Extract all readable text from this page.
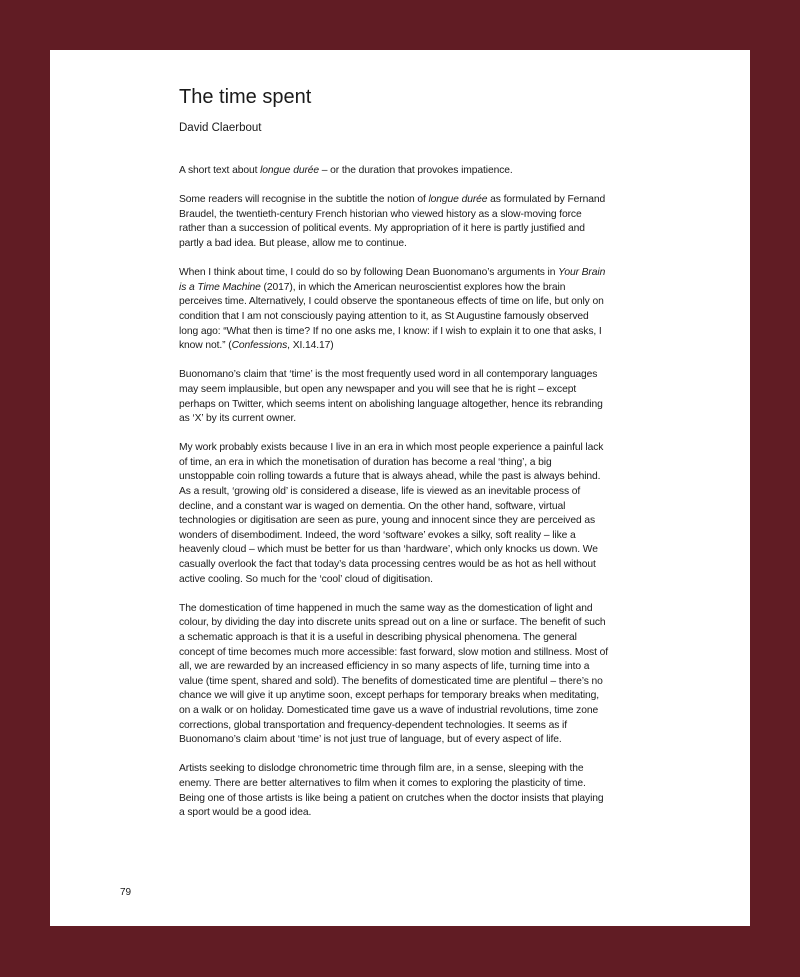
The time spent

David Claerbout

A short text about longue durée – or the duration that provokes impatience.

Some readers will recognise in the subtitle the notion of longue durée as formulated by Fernand Braudel, the twentieth-century French historian who viewed history as a slow-moving force rather than a succession of political events. My appropriation of it here is partly justified and partly a bad idea. But please, allow me to continue.

When I think about time, I could do so by following Dean Buonomano’s arguments in Your Brain is a Time Machine (2017), in which the American neuroscientist explores how the brain perceives time. Alternatively, I could observe the spontaneous effects of time on life, but only on condition that I am not consciously paying attention to it, as St Augustine famously observed long ago: “What then is time? If no one asks me, I know: if I wish to explain it to one that asks, I know not.” (Confessions, XI.14.17)

Buonomano’s claim that ‘time’ is the most frequently used word in all contemporary languages may seem implausible, but open any newspaper and you will see that he is right – except perhaps on Twitter, which seems intent on abolishing language altogether, hence its rebranding as ‘X’ by its current owner.

My work probably exists because I live in an era in which most people experience a painful lack of time, an era in which the monetisation of duration has become a real ‘thing’, a big unstoppable coin rolling towards a future that is always ahead, while the past is always behind. As a result, ‘growing old’ is considered a disease, life is viewed as an inevitable process of decline, and a constant war is waged on dementia. On the other hand, software, virtual technologies or digitisation are seen as pure, young and innocent since they are perceived as wonders of disembodiment. Indeed, the word ‘software’ evokes a silky, soft reality – like a heavenly cloud – which must be better for us than ‘hardware’, which only knocks us down. We casually overlook the fact that today’s data processing centres would be as hot as hell without active cooling. So much for the ‘cool’ cloud of digitisation.

The domestication of time happened in much the same way as the domestication of light and colour, by dividing the day into discrete units spread out on a line or surface. The benefit of such a schematic approach is that it is a useful in describing physical phenomena. The general concept of time becomes much more accessible: fast forward, slow motion and stillness. Most of all, we are rewarded by an increased efficiency in so many aspects of life, turning time into a value (time spent, shared and sold). The benefits of domesticated time are plentiful – there’s no chance we will give it up anytime soon, except perhaps for temporary breaks when meditating, on a walk or on holiday. Domesticated time gave us a wave of industrial revolutions, time zone corrections, global transportation and frequency-dependent technologies. It seems as if Buonomano’s claim about ‘time’ is not just true of language, but of every aspect of life.

Artists seeking to dislodge chronometric time through film are, in a sense, sleeping with the enemy. There are better alternatives to film when it comes to exploring the plasticity of time. Being one of those artists is like being a patient on crutches when the doctor insists that playing a sport would be a good idea.

79
